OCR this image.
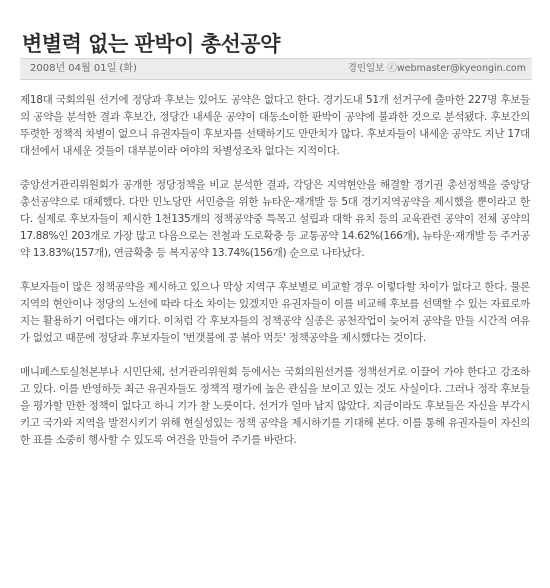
변별력 없는 판박이 총선공약
2008년 04월 01일 (화)	경인일보 ⓒwebmaster@kyeongin.com

제18대 국회의원 선거에 정당과 후보는 있어도 공약은 없다고 한다. 경기도내 51개 선거구에 출마한 227명 후보들의 공약을 분석한 결과 후보간, 정당간 내세운 공약이 대동소이한 판박이 공약에 불과한 것으로 분석됐다. 후보간의 뚜렷한 정책적 차별이 없으니 유권자들이 후보자를 선택하기도 만만치가 않다. 후보자들이 내세운 공약도 지난 17대 대선에서 내세운 것들이 대부분이라 여야의 차별성조차 없다는 지적이다.

중앙선거관리위원회가 공개한 정당정책을 비교 분석한 결과, 각당은 지역현안을 해결할 경기권 총선정책을 중앙당 총선공약으로 대체했다. 다만 민노당만 서민층을 위한 뉴타운·재개발 등 5대 경기지역공약을 제시했을 뿐이라고 한다. 실제로 후보자들이 제시한 1천135개의 정책공약중 특목고 설립과 대학 유치 등의 교육관련 공약이 전체 공약의 17.88%인 203개로 가장 많고 다음으로는 전철과 도로확충 등 교통공약 14.62%(166개), 뉴타운·재개발 등 주거공약 13.83%(157개), 연금확충 등 복지공약 13.74%(156개) 순으로 나타났다.

후보자들이 많은 정책공약을 제시하고 있으나 막상 지역구 후보별로 비교할 경우 이렇다할 차이가 없다고 한다. 물론 지역의 현안이나 정당의 노선에 따라 다소 차이는 있겠지만 유권자들이 이를 비교해 후보를 선택할 수 있는 자료로까지는 활용하기 어렵다는 얘기다. 이처럼 각 후보자들의 정책공약 실종은 공천작업이 늦어져 공약을 만들 시간적 여유가 없었고 때문에 정당과 후보자들이 '번갯불에 콩 볶아 먹듯' 정책공약을 제시했다는 것이다.

매니페스토실천본부나 시민단체, 선거관리위원회 등에서는 국회의원선거를 정책선거로 이끌어 가야 한다고 강조하고 있다. 이를 반영하듯 최근 유권자들도 정책적 평가에 높은 관심을 보이고 있는 것도 사실이다. 그러나 정작 후보들을 평가할 만한 정책이 없다고 하니 기가 찰 노릇이다. 선거가 얼마 남지 않았다. 지금이라도 후보들은 자신을 부각시키고 국가와 지역을 발전시키기 위해 현실성있는 정책 공약을 제시하기를 기대해 본다. 이를 통해 유권자들이 자신의 한 표를 소중히 행사할 수 있도록 여건을 만들어 주기를 바란다.
